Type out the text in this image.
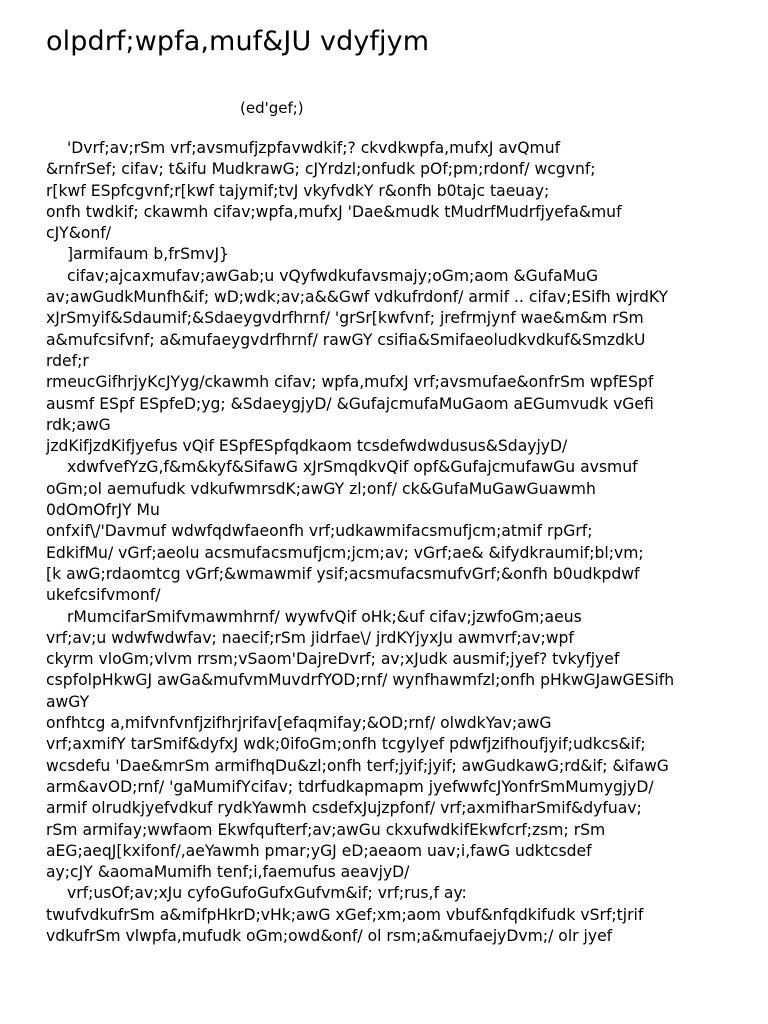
olpdrf;wpfa,muf&JU vdyfjym

(ed'gef;)

'Dvrf;av;rSm vrf;avsmufjzpfavwdkif;? ckvdkwpfa,mufxJ avQmuf
&rnfrSef; cifav; t&ifu MudkrawG; cJYrdzl;onfudk pOf;pm;rdonf/ wcgvnf;
r[kwf ESpfcgvnf;r[kwf tajymif;tvJ vkyfvdkY r&onfh b0tajc taeuay;
onfh twdkif; ckawmh cifav;wpfa,mufxJ 'Dae&mudk tMudrfMudrfjyefa&muf
cJY&onf/
]armifaum b,frSmvJ}
cifav;ajcaxmufav;awGab;u vQyfwdkufavsmajy;oGm;aom &GufaMuG
av;awGudkMunfh&if; wD;wdk;av;a&&Gwf vdkufrdonf/ armif .. cifav;ESifh wjrdKY
xJrSmyif&Sdaumif;&Sdaeygvdrfhrnf/ 'grSr[kwfvnf; jrefrmjynf wae&m&m rSm
a&mufcsifvnf; a&mufaeygvdrfhrnf/ rawGY csifia&Smifaeoludkvdkuf&SmzdkU
rdef;r
rmeucGifhrjyKcJYyg/ckawmh cifav; wpfa,mufxJ vrf;avsmufae&onfrSm wpfESpf
ausmf ESpf ESpfeD;yg; &SdaeygjyD/ &GufajcmufaMuGaom aEGumvudk vGefi
rdk;awG
jzdKifjzdKifjyefus vQif ESpfESpfqdkaom tcsdefwdwdusus&SdayjyD/
xdwfvefYzG,f&m&kyf&SifawG xJrSmqdkvQif opf&GufajcmufawGu avsmuf
oGm;ol aemufudk vdkufwmrsdK;awGY zl;onf/ ck&GufaMuGawGuawmh
0dOmOfrJY Mu
onfxif\/'Davmuf wdwfqdwfaeonfh vrf;udkawmifacsmufjcm;atmif rpGrf;
EdkifMu/ vGrf;aeolu acsmufacsmufjcm;jcm;av; vGrf;ae& &ifydkraumif;bl;vm;
[k awG;rdaomtcg vGrf;&wmawmif ysif;acsmufacsmufvGrf;&onfh b0udkpdwf
ukefcsifvmonf/
rMumcifarSmifvmawmhrnf/ wywfvQif oHk;&uf cifav;jzwfoGm;aeus
vrf;av;u wdwfwdwfav; naecif;rSm jidrfae\/ jrdKYjyxJu awmvrf;av;wpf
ckyrm vloGm;vlvm rrsm;vSaom'DajreDvrf; av;xJudk ausmif;jyef? tvkyfjyef
cspfolpHkwGJ awGa&mufvmMuvdrfYOD;rnf/ wynfhawmfzl;onfh pHkwGJawGESifh
awGY
onfhtcg a,mifvnfvnfjzifhrjrifav[efaqmifay;&OD;rnf/ olwdkYav;awG
vrf;axmifY tarSmif&dyfxJ wdk;0ifoGm;onfh tcgylyef pdwfjzifhoufjyif;udkcs&if;
wcsdefu 'Dae&mrSm armifhqDu&zl;onfh terf;jyif;jyif; awGudkawG;rd&if; &ifawG
arm&avOD;rnf/ 'gaMumifYcifav; tdrfudkapmapm jyefwwfcJYonfrSmMumygjyD/
armif olrudkjyefvdkuf rydkYawmh csdefxJujzpfonf/ vrf;axmifharSmif&dyfuav;
rSm armifay;wwfaom Ekwfqufterf;av;awGu ckxufwdkifEkwfcrf;zsm; rSm
aEG;aeqJ[kxifonf/,aeYawmh pmar;yGJ eD;aeaom uav;i,fawG udktcsdef
ay;cJY &aomaMumifh tenf;i,faemufus aeavjyD/
vrf;usOf;av;xJu cyfoGufoGufxGufvm&if; vrf;rus,f ay:
twufvdkufrSm a&mifpHkrD;vHk;awG xGef;xm;aom vbuf&nfqdkifudk vSrf;tjrif
vdkufrSm vlwpfa,mufudk oGm;owd&onf/ ol rsm;a&mufaejyDvm;/ olr jyef
